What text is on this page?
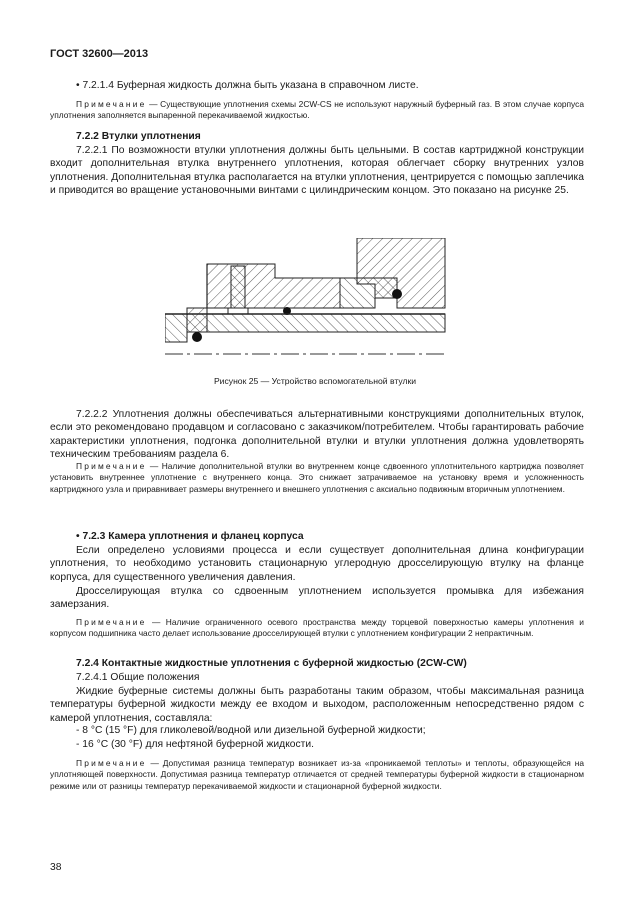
ГОСТ 32600—2013

• 7.2.1.4 Буферная жидкость должна быть указана в справочном листе.

Примечание — Существующие уплотнения схемы 2CW-CS не используют наружный буферный газ. В этом случае корпуса уплотнения заполняется выпаренной перекачиваемой жидкостью.

7.2.2 Втулки уплотнения

7.2.2.1 По возможности втулки уплотнения должны быть цельными. В состав картриджной конструкции входит дополнительная втулка внутреннего уплотнения, которая облегчает сборку внутренних узлов уплотнения. Дополнительная втулка располагается на втулки уплотнения, центрируется с помощью заплечика и приводится во вращение установочными винтами с цилиндрическим концом. Это показано на рисунке 25.

Рисунок 25 — Устройство вспомогательной втулки

7.2.2.2 Уплотнения должны обеспечиваться альтернативными конструкциями дополнительных втулок, если это рекомендовано продавцом и согласовано с заказчиком/потребителем. Чтобы гарантировать рабочие характеристики уплотнения, подгонка дополнительной втулки и втулки уплотнения должна удовлетворять техническим требованиям раздела 6.

Примечание — Наличие дополнительной втулки во внутреннем конце сдвоенного уплотнительного картриджа позволяет установить внутреннее уплотнение с внутреннего конца. Это снижает затрачиваемое на установку время и усложненность картриджного узла и приравнивает размеры внутреннего и внешнего уплотнения с аксиально подвижным вторичным уплотнением.

• 7.2.3 Камера уплотнения и фланец корпуса

Если определено условиями процесса и если существует дополнительная длина конфигурации уплотнения, то необходимо установить стационарную углеродную дросселирующую втулку на фланце корпуса, для существенного увеличения давления.

Дросселирующая втулка со сдвоенным уплотнением используется промывка для избежания замерзания.

Примечание — Наличие ограниченного осевого пространства между торцевой поверхностью камеры уплотнения и корпусом подшипника часто делает использование дросселирующей втулки с уплотнением конфигурации 2 непрактичным.

7.2.4 Контактные жидкостные уплотнения с буферной жидкостью (2CW-CW)
7.2.4.1 Общие положения

Жидкие буферные системы должны быть разработаны таким образом, чтобы максимальная разница температуры буферной жидкости между ее входом и выходом, расположенным непосредственно рядом с камерой уплотнения, составляла:

- 8 °С (15 °F) для гликолевой/водной или дизельной буферной жидкости;
- 16 °С (30 °F) для нефтяной буферной жидкости.

Примечание — Допустимая разница температур возникает из-за «проникаемой теплоты» и теплоты, образующейся на уплотняющей поверхности. Допустимая разница температур отличается от средней температуры буферной жидкости в стационарном режиме или от разницы температур перекачиваемой жидкости и стационарной буферной жидкости.

38
